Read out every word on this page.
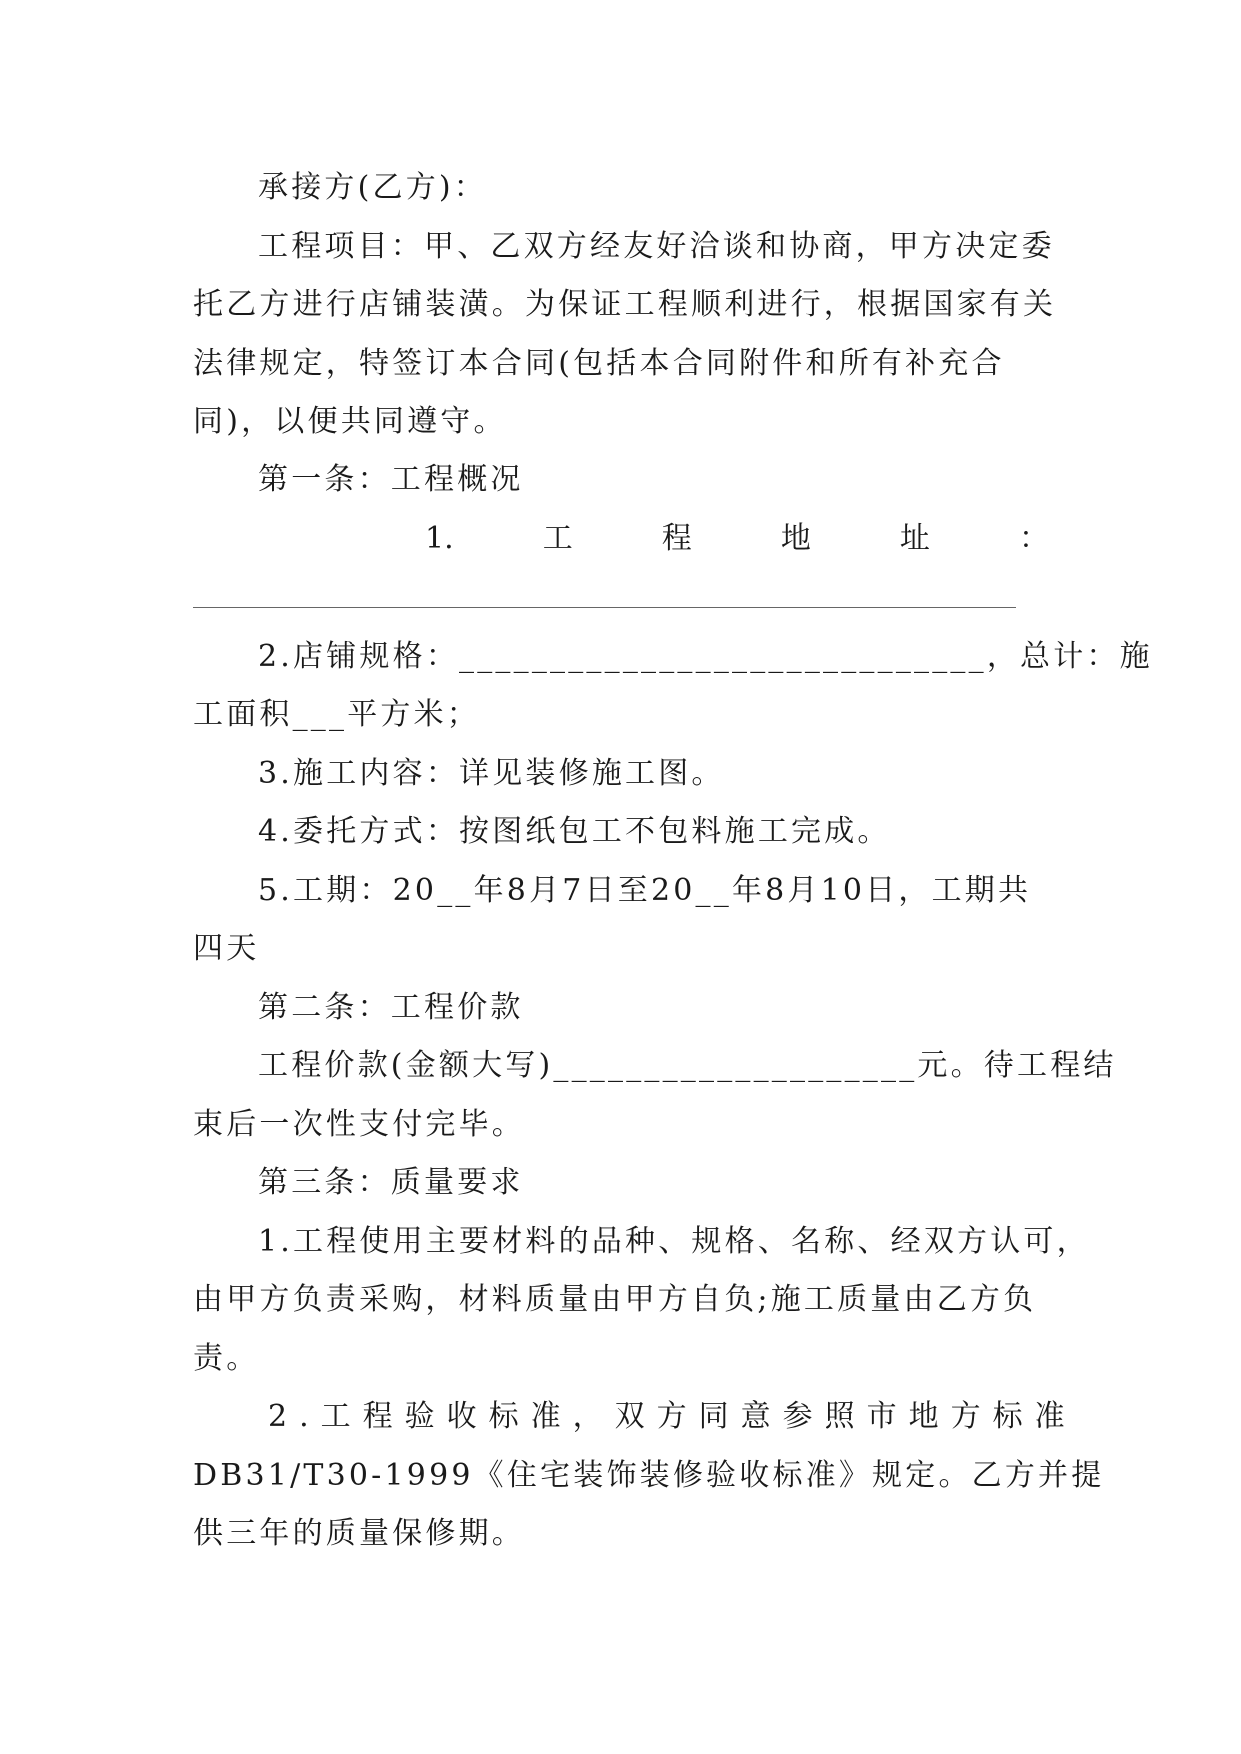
承接方(乙方)：
工程项目：甲、乙双方经友好洽谈和协商，甲方决定委
托乙方进行店铺装潢。为保证工程顺利进行，根据国家有关
法律规定，特签订本合同(包括本合同附件和所有补充合
同)，以便共同遵守。
第一条：工程概况
1.	工	程	地	址	：
2.店铺规格：_____________________________，总计：施
工面积___平方米；
3.施工内容：详见装修施工图。
4.委托方式：按图纸包工不包料施工完成。
5.工期：20__年8月7日至20__年8月10日，工期共
四天
第二条：工程价款
工程价款(金额大写)____________________元。待工程结
束后一次性支付完毕。
第三条：质量要求
1.工程使用主要材料的品种、规格、名称、经双方认可，
由甲方负责采购，材料质量由甲方自负;施工质量由乙方负
责。
2.工程验收标准，双方同意参照市地方标准
DB31/T30-1999《住宅装饰装修验收标准》规定。乙方并提
供三年的质量保修期。
